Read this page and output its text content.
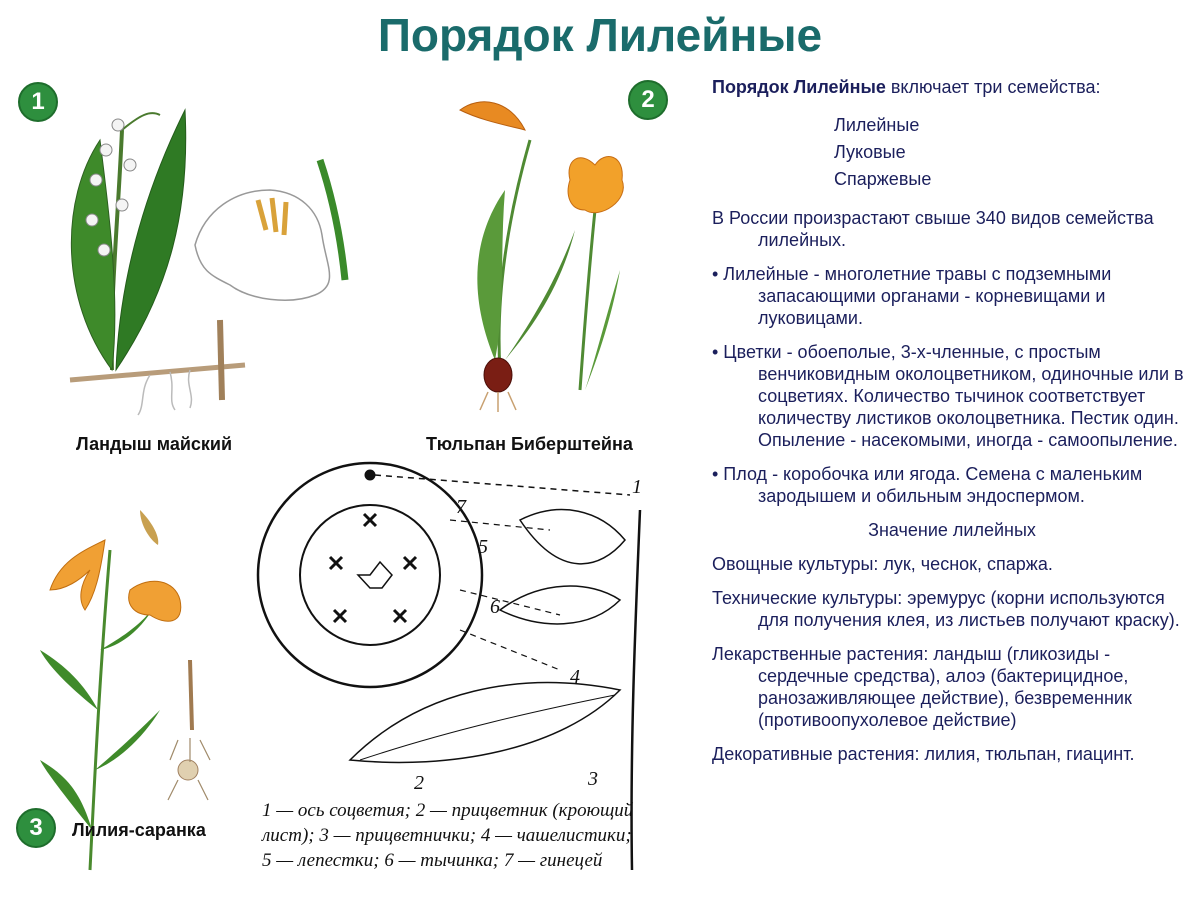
Порядок Лилейные
1	2
3
Ландыш майский	Тюльпан Биберштейна
Лилия-саранка
1
2	3
4
5
6
7
1 — ось соцветия; 2 — прицветник (кроющий
лист); 3 — прицветнички; 4 — чашелистики;
5 — лепестки; 6 — тычинка; 7 — гинецей

Порядок Лилейные включает три семейства:

Лилейные
Луковые
Спаржевые

В России произрастают свыше 340 видов семейства лилейных.

• Лилейные - многолетние травы с подземными запасающими органами - корневищами и луковицами.

• Цветки - обоеполые, 3-х-членные, с простым венчиковидным околоцветником, одиночные или в соцветиях. Количество тычинок соответствует количеству листиков околоцветника. Пестик один. Опыление - насекомыми, иногда - самоопыление.

• Плод - коробочка или ягода. Семена с маленьким зародышем и обильным эндоспермом.

Значение лилейных

Овощные культуры: лук, чеснок, спаржа.

Технические культуры: эремурус (корни используются для получения клея, из листьев получают краску).

Лекарственные растения: ландыш (гликозиды - сердечные средства), алоэ (бактерицидное, ранозаживляющее действие), безвременник (противоопухолевое действие)

Декоративные растения: лилия, тюльпан, гиацинт.
